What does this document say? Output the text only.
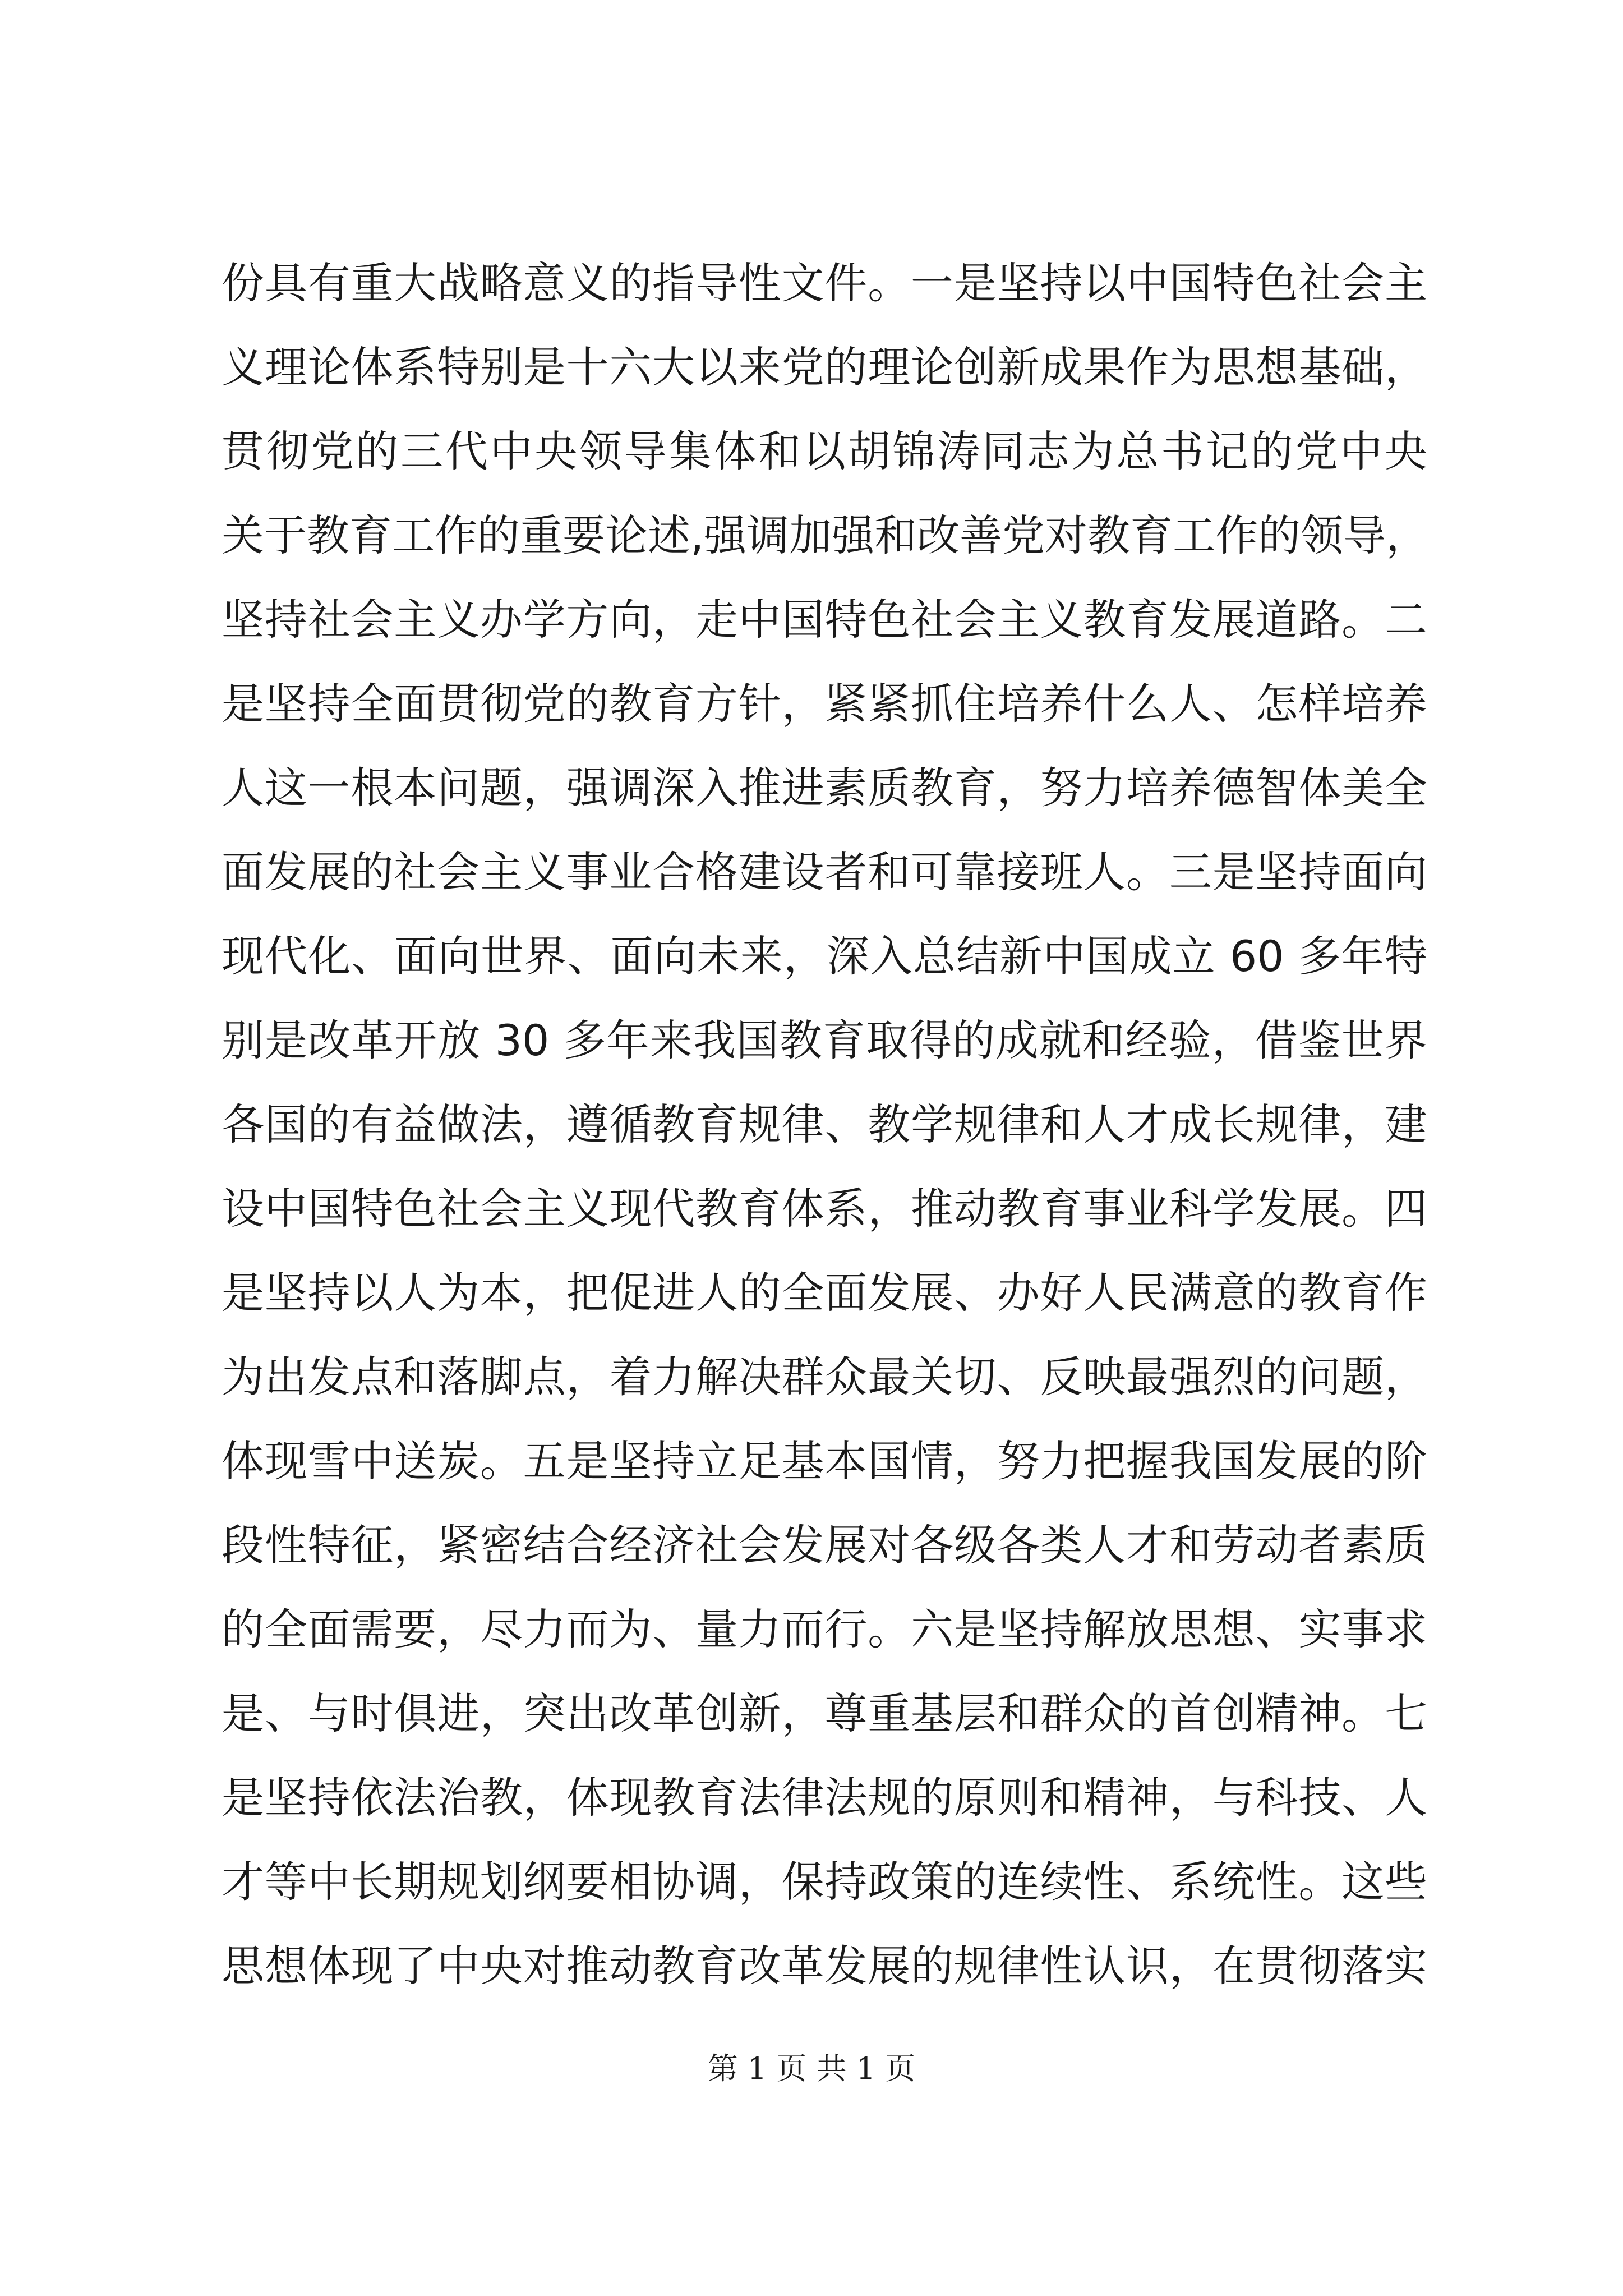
份具有重大战略意义的指导性文件。一是坚持以中国特色社会主
义理论体系特别是十六大以来党的理论创新成果作为思想基础，
贯彻党的三代中央领导集体和以胡锦涛同志为总书记的党中央
关于教育工作的重要论述,强调加强和改善党对教育工作的领导，
坚持社会主义办学方向，走中国特色社会主义教育发展道路。二
是坚持全面贯彻党的教育方针，紧紧抓住培养什么人、怎样培养
人这一根本问题，强调深入推进素质教育，努力培养德智体美全
面发展的社会主义事业合格建设者和可靠接班人。三是坚持面向
现代化、面向世界、面向未来，深入总结新中国成立 60 多年特
别是改革开放 30 多年来我国教育取得的成就和经验，借鉴世界
各国的有益做法，遵循教育规律、教学规律和人才成长规律，建
设中国特色社会主义现代教育体系，推动教育事业科学发展。四
是坚持以人为本，把促进人的全面发展、办好人民满意的教育作
为出发点和落脚点，着力解决群众最关切、反映最强烈的问题，
体现雪中送炭。五是坚持立足基本国情，努力把握我国发展的阶
段性特征，紧密结合经济社会发展对各级各类人才和劳动者素质
的全面需要，尽力而为、量力而行。六是坚持解放思想、实事求
是、与时俱进，突出改革创新，尊重基层和群众的首创精神。七
是坚持依法治教，体现教育法律法规的原则和精神，与科技、人
才等中长期规划纲要相协调，保持政策的连续性、系统性。这些
思想体现了中央对推动教育改革发展的规律性认识，在贯彻落实
第 1 页 共 1 页
